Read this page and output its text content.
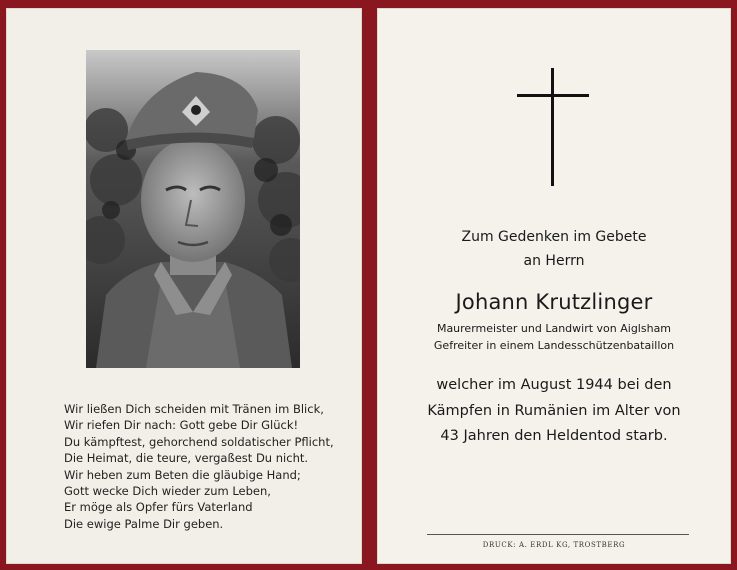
Wir ließen Dich scheiden mit Tränen im Blick,
Wir riefen Dir nach: Gott gebe Dir Glück!
Du kämpftest, gehorchend soldatischer Pflicht,
Die Heimat, die teure, vergaßest Du nicht.
Wir heben zum Beten die gläubige Hand;
Gott wecke Dich wieder zum Leben,
Er möge als Opfer fürs Vaterland
Die ewige Palme Dir geben.
Zum Gedenken im Gebete
an Herrn
Johann Krutzlinger
Maurermeister und Landwirt von Aiglsham
Gefreiter in einem Landesschützenbataillon
welcher im August 1944 bei den
Kämpfen in Rumänien im Alter von
43 Jahren den Heldentod starb.
DRUCK: A. ERDL KG, TROSTBERG
